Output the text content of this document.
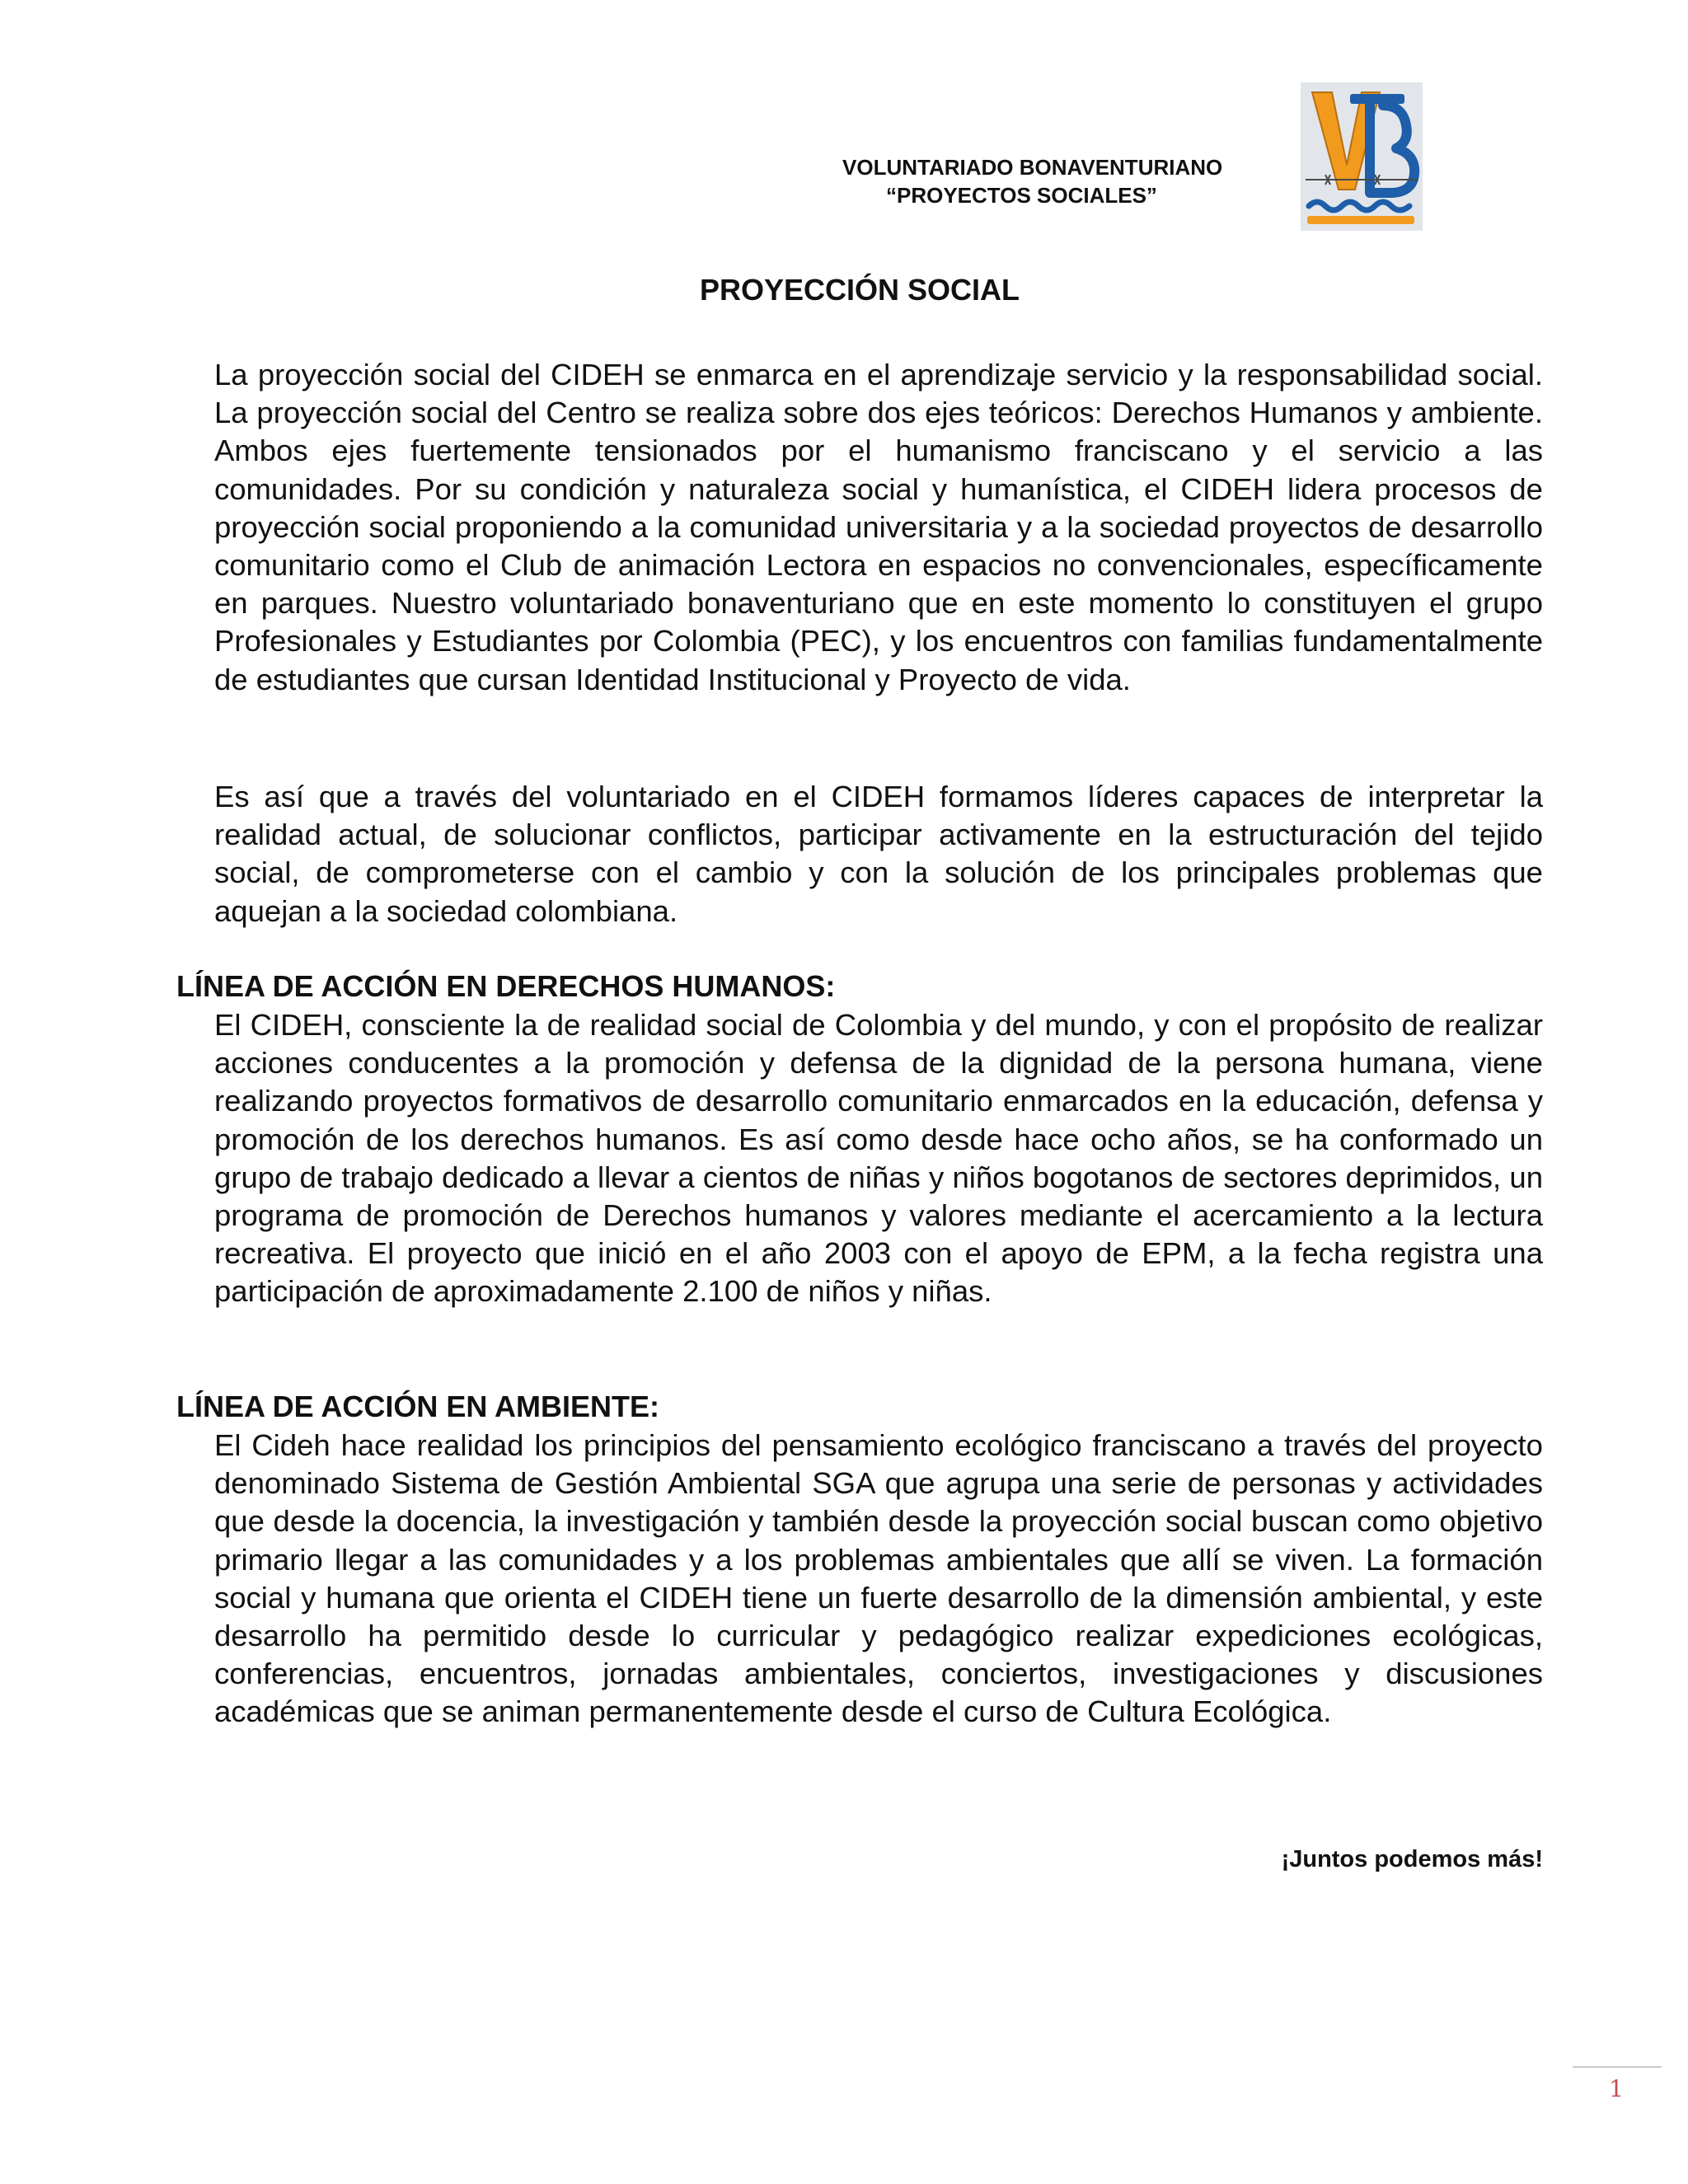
VOLUNTARIADO BONAVENTURIANO
“PROYECTOS SOCIALES”
PROYECCIÓN SOCIAL

La proyección social del CIDEH se enmarca en el aprendizaje servicio y la responsabilidad social. La proyección social del Centro se realiza sobre dos ejes teóricos: Derechos Humanos y ambiente. Ambos ejes fuertemente tensionados por el humanismo franciscano y el servicio a las comunidades. Por su condición y naturaleza social y humanística, el CIDEH lidera procesos de proyección social proponiendo a la comunidad universitaria y a la sociedad proyectos de desarrollo comunitario como el Club de animación Lectora en espacios no convencionales, específicamente en parques. Nuestro voluntariado bonaventuriano que en este momento lo constituyen el grupo Profesionales y Estudiantes por Colombia (PEC), y los encuentros con familias fundamentalmente de estudiantes que cursan Identidad Institucional y Proyecto de vida.

Es así que a través del voluntariado en el CIDEH formamos líderes capaces de interpretar la realidad actual, de solucionar conflictos, participar activamente en la estructuración del tejido social, de comprometerse con el cambio y con la solución de los principales problemas que aquejan a la sociedad colombiana.

LÍNEA DE ACCIÓN EN DERECHOS HUMANOS:

El CIDEH, consciente la de realidad social de Colombia y del mundo, y con el propósito de realizar acciones conducentes a la promoción y defensa de la dignidad de la persona humana, viene realizando proyectos formativos de desarrollo comunitario enmarcados en la educación, defensa y promoción de los derechos humanos. Es así como desde hace ocho años, se ha conformado un grupo de trabajo dedicado a llevar a cientos de niñas y niños bogotanos de sectores deprimidos, un programa de promoción de Derechos humanos y valores mediante el acercamiento a la lectura recreativa. El proyecto que inició en el año 2003 con el apoyo de EPM, a la fecha registra una participación de aproximadamente 2.100 de niños y niñas.

LÍNEA DE ACCIÓN EN AMBIENTE:

El Cideh hace realidad los principios del pensamiento ecológico franciscano a través del proyecto denominado Sistema de Gestión Ambiental SGA que agrupa una serie de personas y actividades que desde la docencia, la investigación y también desde la proyección social buscan como objetivo primario llegar a las comunidades y a los problemas ambientales que allí se viven. La formación social y humana que orienta el CIDEH tiene un fuerte desarrollo de la dimensión ambiental, y este desarrollo ha permitido desde lo curricular y pedagógico realizar expediciones ecológicas, conferencias, encuentros, jornadas ambientales, conciertos, investigaciones y discusiones académicas que se animan permanentemente desde el curso de Cultura Ecológica.

¡Juntos podemos más!
1
